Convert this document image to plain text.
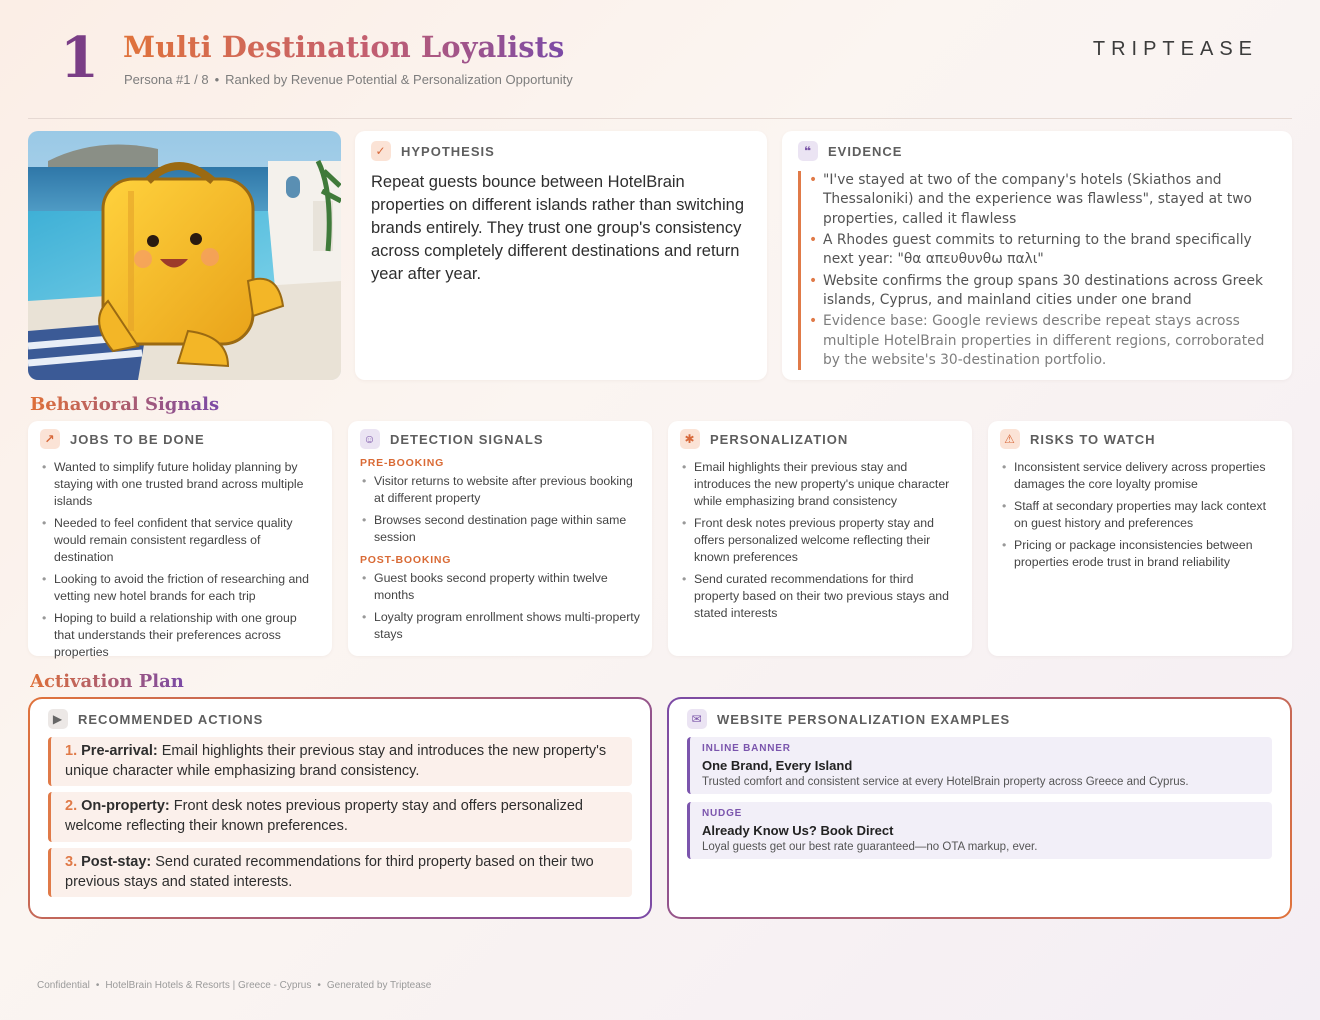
1 Multi Destination Loyalists
Persona #1 / 8 • Ranked by Revenue Potential & Personalization Opportunity
TRIPTEASE
✓	HYPOTHESIS
Repeat guests bounce between HotelBrain properties on different islands rather than switching brands entirely. They trust one group's consistency across completely different destinations and return year after year.
❝	EVIDENCE
• "I've stayed at two of the company's hotels (Skiathos and Thessaloniki) and the experience was flawless", stayed at two properties, called it flawless
• A Rhodes guest commits to returning to the brand specifically next year: "θα απευθυνθω παλι"
• Website confirms the group spans 30 destinations across Greek islands, Cyprus, and mainland cities under one brand
• Evidence base: Google reviews describe repeat stays across multiple HotelBrain properties in different regions, corroborated by the website's 30-destination portfolio.
Behavioral Signals
↗	JOBS TO BE DONE
• Wanted to simplify future holiday planning by staying with one trusted brand across multiple islands
• Needed to feel confident that service quality would remain consistent regardless of destination
• Looking to avoid the friction of researching and vetting new hotel brands for each trip
• Hoping to build a relationship with one group that understands their preferences across properties
☺ DETECTION SIGNALS
PRE-BOOKING
• Visitor returns to website after previous booking at different property
• Browses second destination page within same session
POST-BOOKING
• Guest books second property within twelve months
• Loyalty program enrollment shows multi-property stays
✱	PERSONALIZATION
• Email highlights their previous stay and introduces the new property's unique character while emphasizing brand consistency
• Front desk notes previous property stay and offers personalized welcome reflecting their known preferences
• Send curated recommendations for third property based on their two previous stays and stated interests
⚠	RISKS TO WATCH
• Inconsistent service delivery across properties damages the core loyalty promise
• Staff at secondary properties may lack context on guest history and preferences
• Pricing or package inconsistencies between properties erode trust in brand reliability
Activation Plan
▶	RECOMMENDED ACTIONS
1. Pre-arrival: Email highlights their previous stay and introduces the new property's unique character while emphasizing brand consistency.
2. On-property: Front desk notes previous property stay and offers personalized welcome reflecting their known preferences.
3. Post-stay: Send curated recommendations for third property based on their two previous stays and stated interests.
✉	WEBSITE PERSONALIZATION EXAMPLES
INLINE BANNER
One Brand, Every Island
Trusted comfort and consistent service at every HotelBrain property across Greece and Cyprus.
NUDGE
Already Know Us? Book Direct
Loyal guests get our best rate guaranteed—no OTA markup, ever.
Confidential • HotelBrain Hotels & Resorts | Greece - Cyprus • Generated by Triptease
